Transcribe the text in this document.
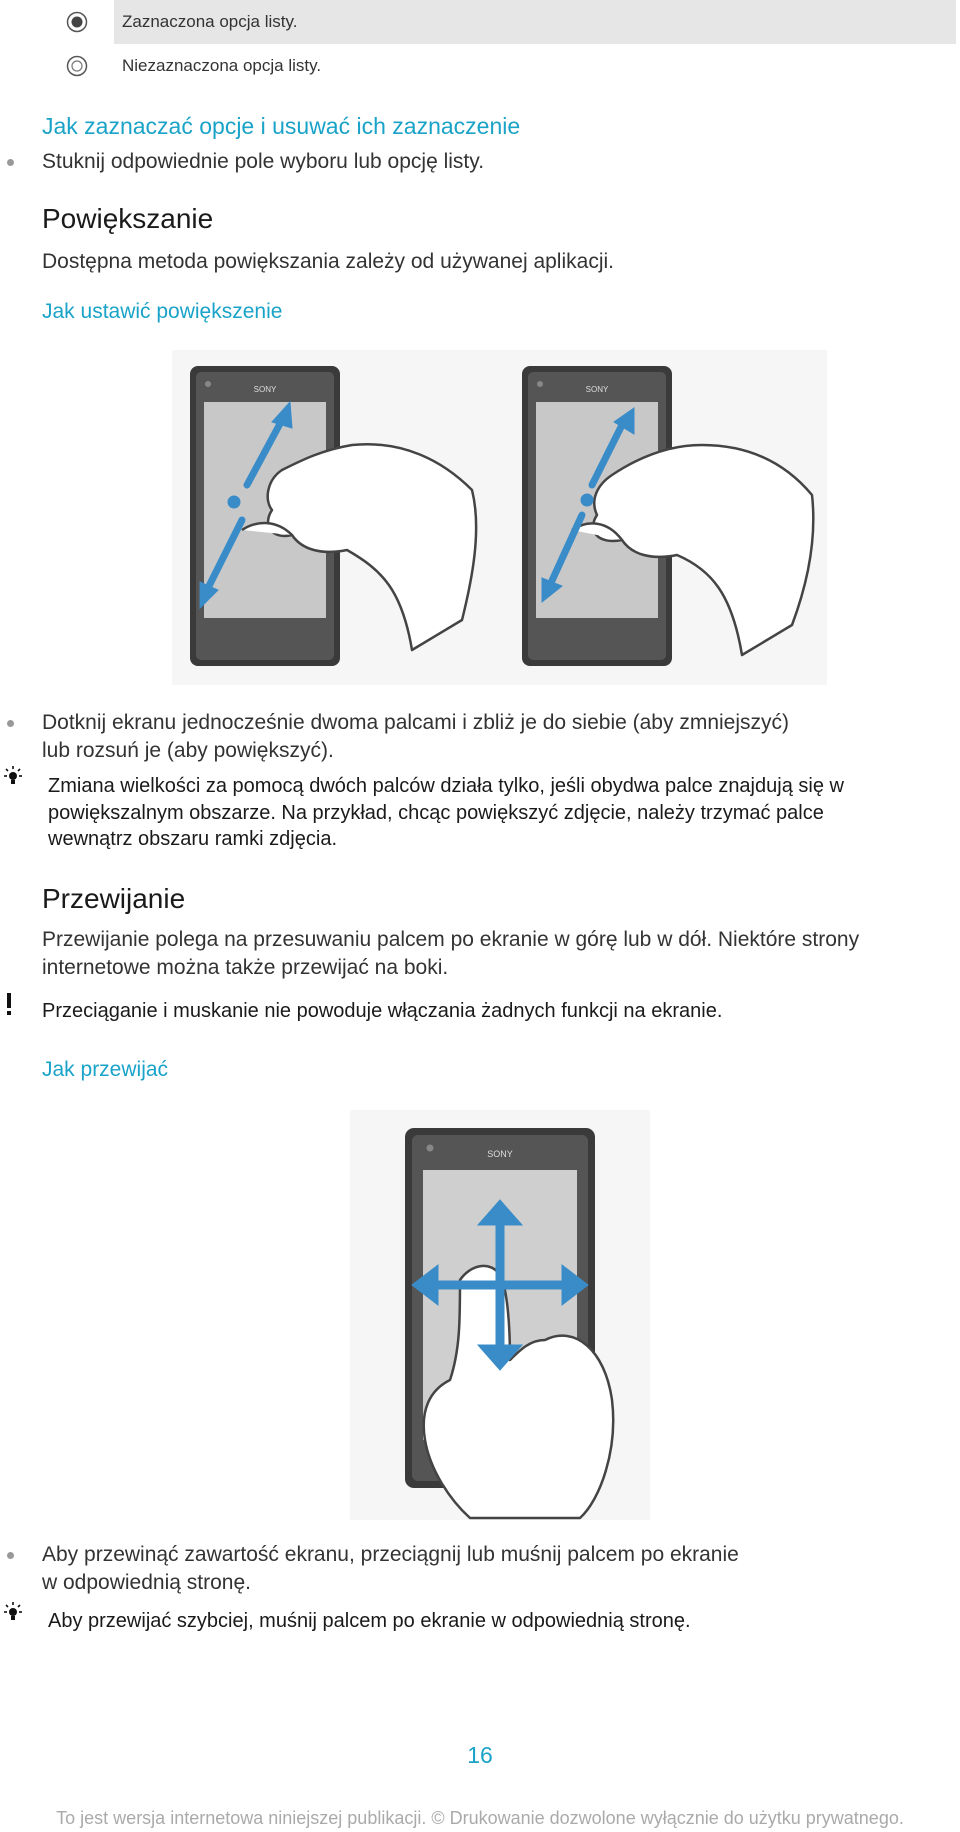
Zaznaczona opcja listy.
Niezaznaczona opcja listy.
Jak zaznaczać opcje i usuwać ich zaznaczenie
Stuknij odpowiednie pole wyboru lub opcję listy.
Powiększanie
Dostępna metoda powiększania zależy od używanej aplikacji.
Jak ustawić powiększenie
SONY	SONY
Dotknij ekranu jednocześnie dwoma palcami i zbliż je do siebie (aby zmniejszyć)
lub rozsuń je (aby powiększyć).
Zmiana wielkości za pomocą dwóch palców działa tylko, jeśli obydwa palce znajdują się w
powiększalnym obszarze. Na przykład, chcąc powiększyć zdjęcie, należy trzymać palce
wewnątrz obszaru ramki zdjęcia.
Przewijanie
Przewijanie polega na przesuwaniu palcem po ekranie w górę lub w dół. Niektóre strony
internetowe można także przewijać na boki.
Przeciąganie i muskanie nie powoduje włączania żadnych funkcji na ekranie.
Jak przewijać
SONY
Aby przewinąć zawartość ekranu, przeciągnij lub muśnij palcem po ekranie
w odpowiednią stronę.
Aby przewijać szybciej, muśnij palcem po ekranie w odpowiednią stronę.
16
To jest wersja internetowa niniejszej publikacji. © Drukowanie dozwolone wyłącznie do użytku prywatnego.
